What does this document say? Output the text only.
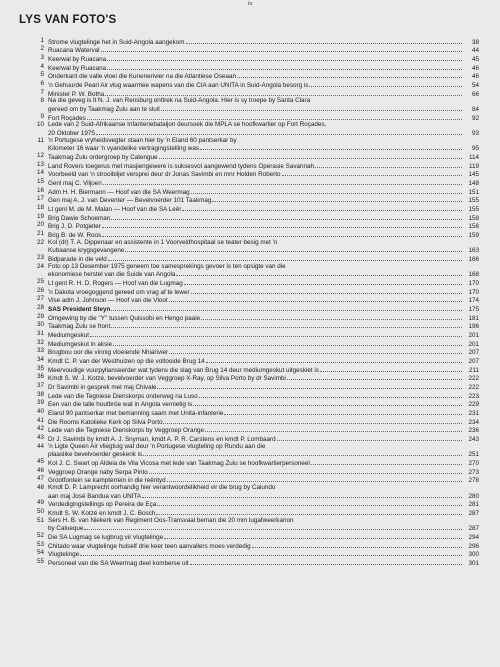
ix
LYS VAN FOTO'S
1 Strome vlugtelinge het in Suid-Angola aangekom	38
2 Ruacana Waterval	44
3 Keerwal by Ruacana	45
4 Keerwal by Ruacana	46
5 Onderkant die valle vloei die Kunenerivier na die Atlantiese Oseaan	46
6 'n Gehuurde Pearl Air vlug waarmee wapens van die CIA aan UNITA in Suid-Angola besorg is	54
7 Minister P. W. Botha	66
8 Na die geveg is lt N. J. van Rensburg onttrek na Suid-Angola. Hier is sy troepe by Santa Clara
gereed om by Taakmag Zulu aan te sluit	84
9 Fort Roçades	92
10 Lede van 2 Suid-Afrikaanse Infanteriebataljon deursoek die MPLA se hoofkwartier op Fort Roçades,
20 Oktober 1975	93
11 'n Portugese vryheidsvegter staan hier by 'n Eland 60 pantserkar by
Kilometer 16 waar 'n vyandelike vertragingstelling was	95
12 Taakmag Zulu ordergroep by Catengue	114
13 Land Rovers toegerus met masjiengewere is suksesvol aangewend tydens Operasie Savannah	119
14 Voorbeeld van 'n strooibiljet versprei deur dr Jonas Savimbi en mnr Holden Roberto	145
15 Genl maj C. Viljoen	148
16 Adm H. H. Biermann — Hoof van die SA Weermag	151
17 Gen maj A. J. van Deventer — Bevelvoerder 101 Taakmag	155
18 Lt genl M. de M. Malan — Hoof van die SA Leër	155
19 Brig Dawie Schoeman	158
20 Brig J. D. Potgieter	158
21 Brig B. de W. Roos	159
22 Kol (dr) T. A. Dippenaar en assistente in 1 Voorveldhospitaal se teater besig met 'n
Kubaanse krygsgevangene	163
23 Bidparade in die veld	166
24 Foto op 13 Desember 1975 geneem toe samesprekings gevoer is ten opsigte van die
ekonomiese herstel van die Suide van Angola	168
25 Lt genl R. H. D. Rogers — Hoof van die Lugmag	170
26 'n Dakota vroegoggend gereed om vrag af te lewer	170
27 Vise adm J. Johnson — Hoof van die Vloot	174
28 SAS President Steyn	175
29 Omgewing by die ''Y'' tussen Quissobi en Hengo paaie	181
30 Taakmag Zulu se front	196
31 Mediumgeskut	201
32 Mediumgeskut in aksie	201
33 Brugbou oor die vinnig vloeiende Nhiarivier	207
34 Kmdt C. P. van der Westhuizen op die voltooide Brug 14	207
35 Meervoudige vuurpyllanseerder wat tydens die slag van Brug 14 deur mediumgeskut uitgeskiet is	211
36 Kmdt S. W. J. Kotzé, bevelvoerder van Veggroep X-Ray, op Silva Porto by dr Savimbi	222
37 Dr Savimbi in gesprek met maj Chivale	222
38 Lede van die Tegniese Dienskorps onderweg na Luso	223
39 Een van die talle houtbrûe wat in Angola vernietig is	229
40 Eland 90 pantserkar met bemanning saam met Unita-infanterie	231
41 Die Rooms Katolieke Kerk op Silva Porto	234
42 Lede van die Tegniese Dienskorps by Veggroep Orange	236
43 Dr J. Savimbi by kmdt A. J. Snyman, kmdt A. P. R. Carstens en kmdt P. Lombaard	243
44 'n Ligte Queen Air vliegtuig wat deur 'n Portugese vlugteling op Rundu aan die
plaaslike bevelvoerder geskenk is	251
45 Kol J. C. Swart op Aldeia de Vila Vicosa met lede van Taakmag Zulu se hoofkwartierpersoneel	270
46 Veggroep Orange naby Serpa Pinto	273
47 Grootfontein se kampterrein in die reëntyd	278
48 Kmdt D. P. Lamprecht oorhandig hier verantwoordelikheid vir die brug by Caiundo
aan maj José Bandua van UNITA	280
49 Verdedigingstellings op Pereira de Eça	281
50 Kmdt S. W. Kotzé en kmdt J. C. Bosch	287
51 Sers H. B. van Niekerk van Regiment Oos-Transvaal beman die 20 mm lugafweerkanon
by Calueque	287
52 Die SA Lugmag se lugbrug vir vlugtelinge	294
53 Chitado waar vlugtelinge hulself drie keer teen aanvallers moes verdedig	296
54 Vlugtelinge	300
55 Personeel van die SA Weermag deel komberse uit	301
